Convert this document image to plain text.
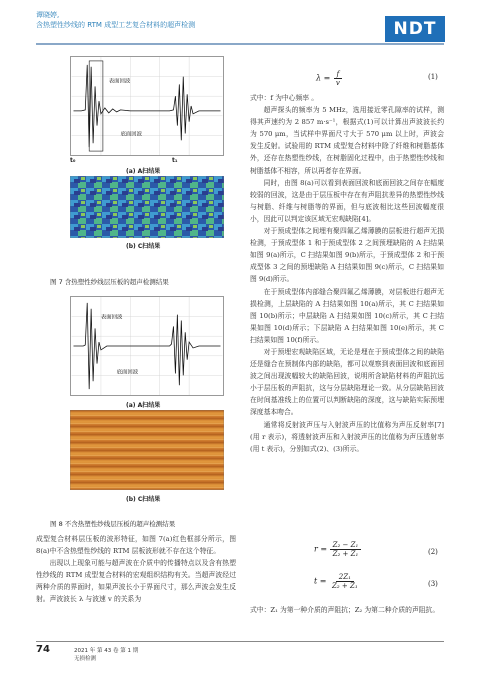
谭晓婷,
含热塑性纱线的 RTM 成型工艺复合材料的超声检测	NDT
表面回波
底面回波
t₀	t₁
(a) A扫结果
(b) C扫结果
图 7 含热塑性纱线层压板的超声检测结果
表面回波
底面回波
(a) A扫结果
(b) C扫结果
图 8 不含热塑性纱线层压板的超声检测结果

成型复合材料层压板的波形特征，如图 7(a)红色框部分所示，图 8(a)中不含热塑性纱线的 RTM 层板波形就不存在这个特征。

出现以上现象可能与超声波在介质中的传播特点以及含有热塑性纱线的 RTM 成型复合材料的宏观组织结构有关。当超声波经过两种介质的界面时，如果声波长小于界面尺寸，那么声波会发生反射。声波波长 λ 与波速 v 的关系为

$\lambda = \frac{f}{v}$	(1)

式中：f 为中心频率 。

超声探头的频率为 5 MHz，选用接近零孔隙率的试样，测得其声速约为 2 857 m·s⁻¹，根据式(1)可以计算出声波波长约为 570 μm，当试样中界面尺寸大于 570 μm 以上时，声波会发生反射。试验用的 RTM 成型复合材料中除了纤维和树脂基体外，还存在热塑性纱线，在树脂固化过程中，由于热塑性纱线和树脂基体不相容，所以再者存在界面。

同时，由图 8(a)可以看到表面回波和底面回波之间存在幅度较弱的回波，这是由于层压板中存在有声阻抗差异的热塑性纱线与树脂、纤维与树脂等的界面，但与底波相比这些回波幅度很小，因此可以判定该区域无宏观缺陷[4]。

对于预成型体之间埋有聚四氟乙烯薄膜的层板进行超声无损检测，于预成型体 1 和于预成型体 2 之间预埋缺陷的 A 扫结果如图 9(a)所示，C 扫结果如图 9(b)所示，于预成型体 2 和于预成型体 3 之间的预埋缺陷 A 扫结果如图 9(c)所示，C 扫结果如图 9(d)所示。

在于预成型体内部缝合聚四氟乙烯薄膜，对层板进行超声无损检测，上层缺陷的 A 扫结果如图 10(a)所示，其 C 扫结果如图 10(b)所示；中层缺陷 A 扫结果如图 10(c)所示，其 C 扫结果如图 10(d)所示；下层缺陷 A 扫结果如图 10(e)所示，其 C 扫结果如图 10(f)所示。

对于预埋宏观缺陷区域，无论是埋在于预成型体之间的缺陷还是缝合在预制体内部的缺陷，都可以观察到表面回波和底面回波之间出现波幅较大的缺陷回波，说明所含缺陷材料的声阻抗远小于层压板的声阻抗，这与分层缺陷理论一致。从分层缺陷回波在时间基准线上的位置可以判断缺陷的深度，这与缺陷实际预埋深度基本吻合。

通常将反射波声压与入射波声压的比值称为声压反射率[7](用 r 表示)，将透射波声压和入射波声压的比值称为声压透射率(用 t 表示)，分别如式(2)、(3)所示。

$r = \frac{\text{Z₂ − Z₁}}{\text{Z₂ + Z₁}}$	(2)
$t = \frac{\text{2Z₁}}{\text{Z₂ + Z₁}}$	(3)

式中：Z₁ 为第一种介质的声阻抗；Z₂ 为第二种介质的声阻抗。

74	2021 年 第 43 卷 第 1 期
无损检测
